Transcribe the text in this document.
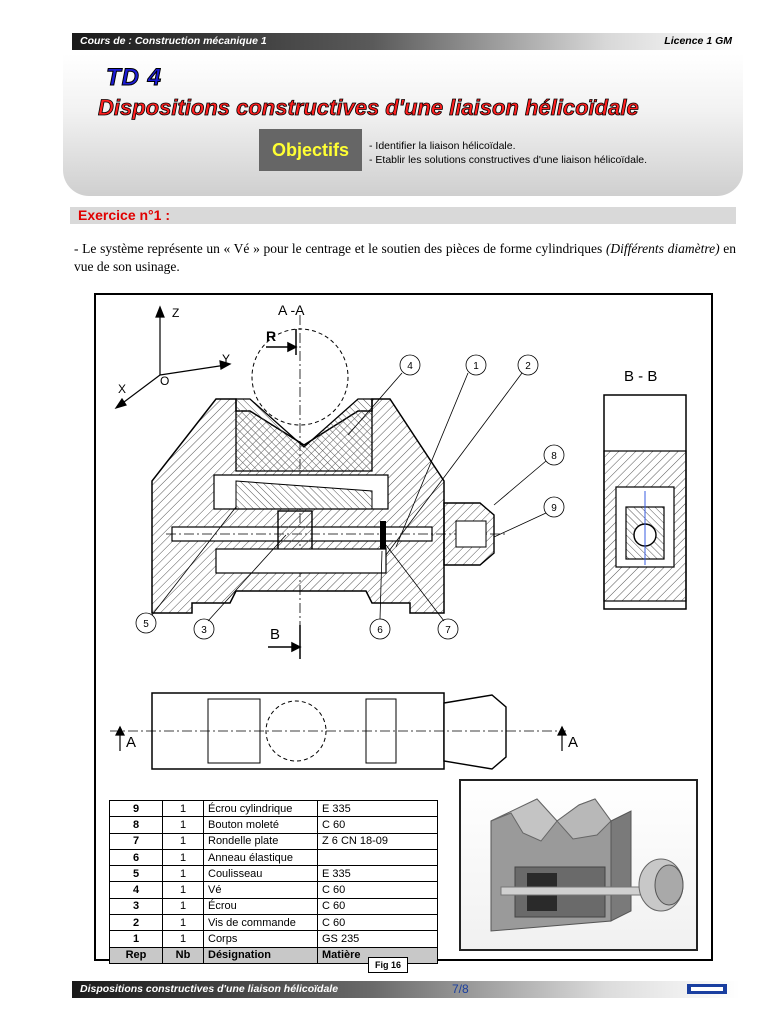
Cours de : Construction mécanique 1	Licence 1 GM
TD 4
Dispositions constructives d'une liaison hélicoïdale
Objectifs	- Identifier la liaison hélicoïdale.
- Etablir les solutions constructives d'une liaison hélicoïdale.
Exercice n°1 :

- Le système représente un « Vé » pour le centrage et le soutien des pièces de forme cylindriques (Différents diamètre) en vue de son usinage.

Z
Y
X
O
A -A
B - B
R
1	2
3
4
5
6	7
8
9
B
A	A
9	1	Écrou cylindrique	E 335
8	1	Bouton moleté	C 60
7	1	Rondelle plate	Z 6 CN 18-09
6	1	Anneau élastique	
5	1	Coulisseau	E 335
4	1	Vé	C 60
3	1	Écrou	C 60
2	1	Vis de commande	C 60
1	1	Corps	GS 235
Rep	Nb	Désignation	Matière
Fig 16
Dispositions constructives d'une liaison hélicoïdale	7/8
